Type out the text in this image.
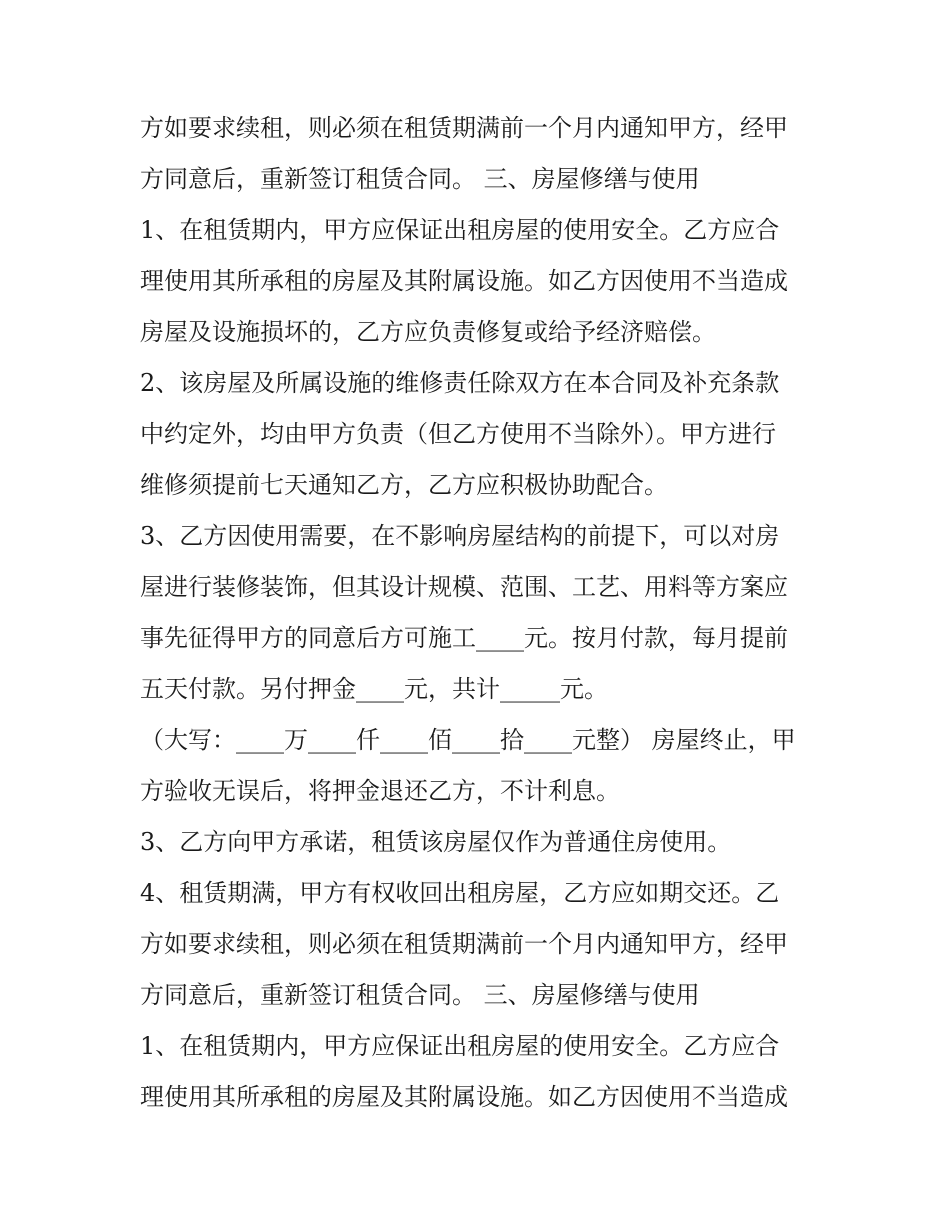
方如要求续租，则必须在租赁期满前一个月内通知甲方，经甲
方同意后，重新签订租赁合同。 三、房屋修缮与使用
1、在租赁期内，甲方应保证出租房屋的使用安全。乙方应合
理使用其所承租的房屋及其附属设施。如乙方因使用不当造成
房屋及设施损坏的，乙方应负责修复或给予经济赔偿。
2、该房屋及所属设施的维修责任除双方在本合同及补充条款
中约定外，均由甲方负责（但乙方使用不当除外）。甲方进行
维修须提前七天通知乙方，乙方应积极协助配合。
3、乙方因使用需要，在不影响房屋结构的前提下，可以对房
屋进行装修装饰，但其设计规模、范围、工艺、用料等方案应
事先征得甲方的同意后方可施工____元。按月付款，每月提前
五天付款。另付押金____元，共计_____元。
（大写：____万____仟____佰____拾____元整） 房屋终止，甲
方验收无误后，将押金退还乙方，不计利息。
3、乙方向甲方承诺，租赁该房屋仅作为普通住房使用。
4、租赁期满，甲方有权收回出租房屋，乙方应如期交还。乙
方如要求续租，则必须在租赁期满前一个月内通知甲方，经甲
方同意后，重新签订租赁合同。 三、房屋修缮与使用
1、在租赁期内，甲方应保证出租房屋的使用安全。乙方应合
理使用其所承租的房屋及其附属设施。如乙方因使用不当造成
